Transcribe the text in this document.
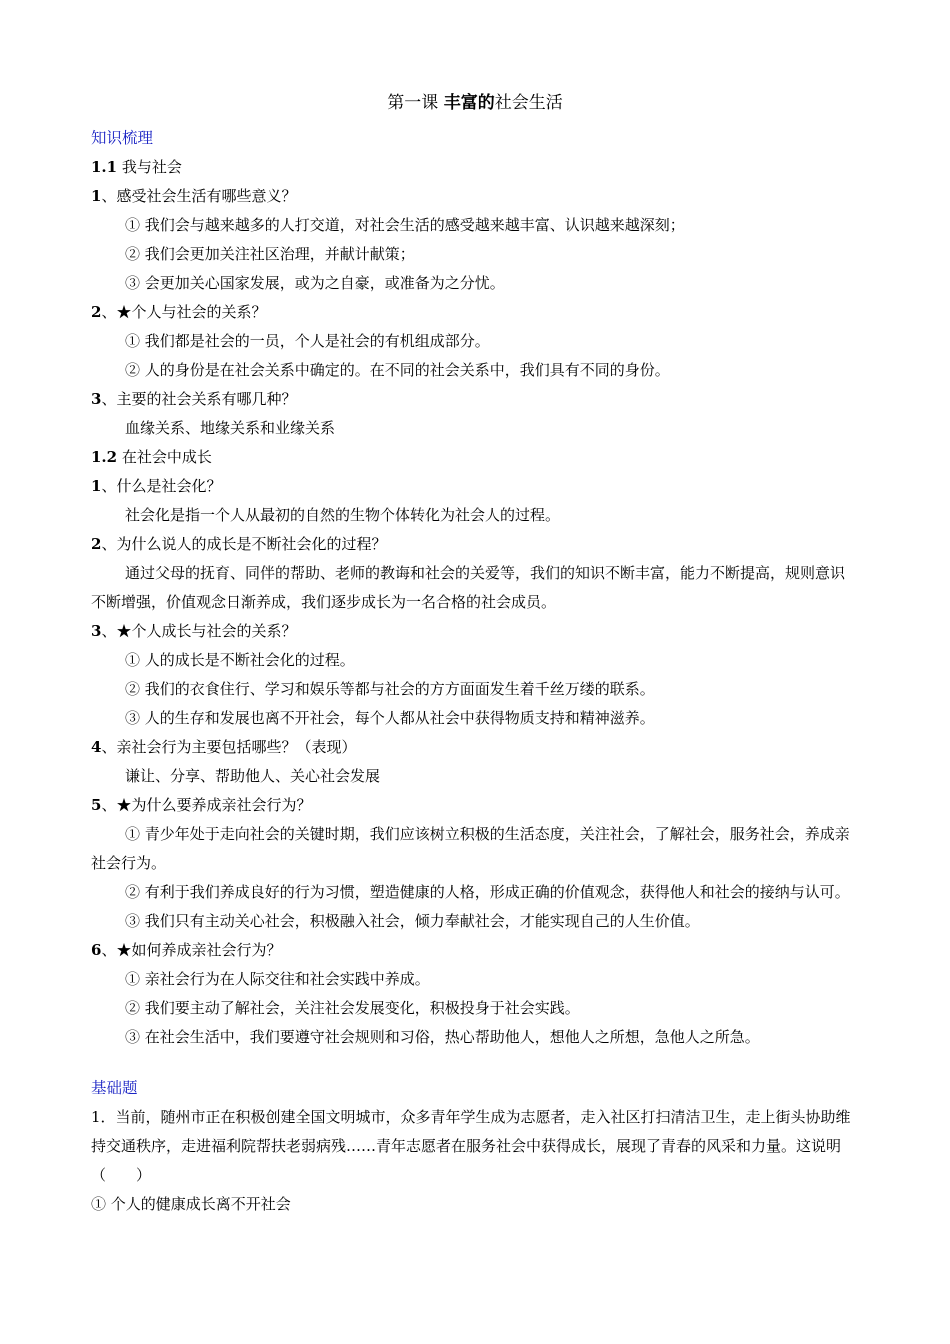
第一课 丰富的社会生活
知识梳理
1.1 我与社会
1、感受社会生活有哪些意义？
① 我们会与越来越多的人打交道，对社会生活的感受越来越丰富、认识越来越深刻；
② 我们会更加关注社区治理，并献计献策；
③ 会更加关心国家发展，或为之自豪，或准备为之分忧。
2、★个人与社会的关系？
① 我们都是社会的一员，个人是社会的有机组成部分。
② 人的身份是在社会关系中确定的。在不同的社会关系中，我们具有不同的身份。
3、主要的社会关系有哪几种？
血缘关系、地缘关系和业缘关系
1.2 在社会中成长
1、什么是社会化？
社会化是指一个人从最初的自然的生物个体转化为社会人的过程。
2、为什么说人的成长是不断社会化的过程？
通过父母的抚育、同伴的帮助、老师的教诲和社会的关爱等，我们的知识不断丰富，能力不断提高，规则意识不断增强，价值观念日渐养成，我们逐步成长为一名合格的社会成员。
3、★个人成长与社会的关系？
① 人的成长是不断社会化的过程。
② 我们的衣食住行、学习和娱乐等都与社会的方方面面发生着千丝万缕的联系。
③ 人的生存和发展也离不开社会，每个人都从社会中获得物质支持和精神滋养。
4、亲社会行为主要包括哪些？（表现）
谦让、分享、帮助他人、关心社会发展
5、★为什么要养成亲社会行为？
① 青少年处于走向社会的关键时期，我们应该树立积极的生活态度，关注社会，了解社会，服务社会，养成亲社会行为。
② 有利于我们养成良好的行为习惯，塑造健康的人格，形成正确的价值观念，获得他人和社会的接纳与认可。
③ 我们只有主动关心社会，积极融入社会，倾力奉献社会，才能实现自己的人生价值。
6、★如何养成亲社会行为？
① 亲社会行为在人际交往和社会实践中养成。
② 我们要主动了解社会，关注社会发展变化，积极投身于社会实践。
③ 在社会生活中，我们要遵守社会规则和习俗，热心帮助他人，想他人之所想，急他人之所急。
基础题
1．当前，随州市正在积极创建全国文明城市，众多青年学生成为志愿者，走入社区打扫清洁卫生，走上街头协助维持交通秩序，走进福利院帮扶老弱病残……青年志愿者在服务社会中获得成长，展现了青春的风采和力量。这说明（　　）
① 个人的健康成长离不开社会
